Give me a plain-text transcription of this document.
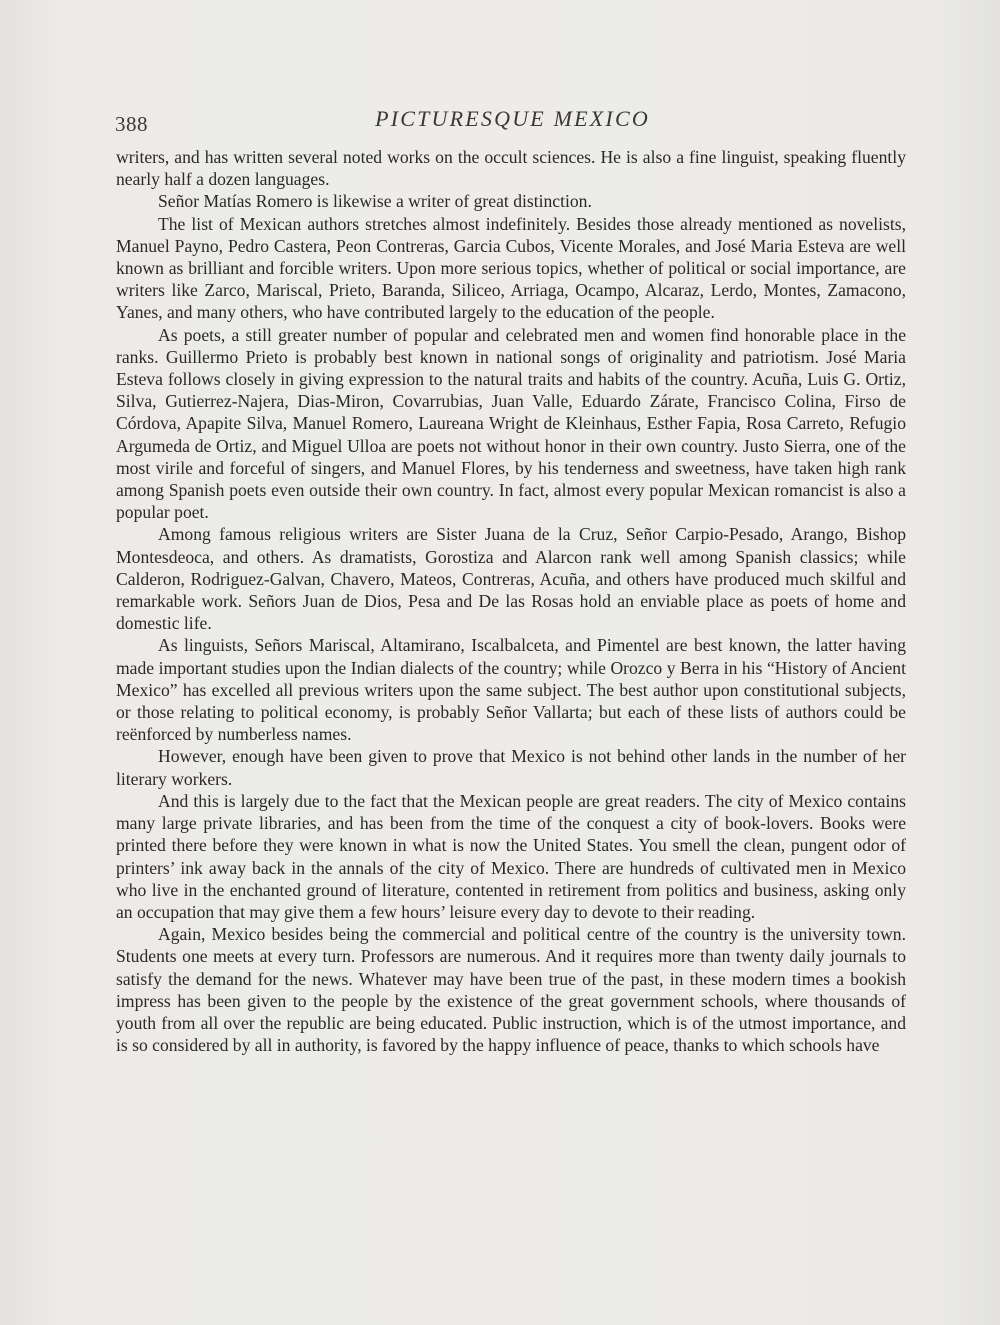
388	PICTURESQUE MEXICO

writers, and has written several noted works on the occult sciences. He is also a fine linguist, speaking fluently nearly half a dozen languages.

Señor Matías Romero is likewise a writer of great distinction.

The list of Mexican authors stretches almost indefinitely. Besides those already mentioned as novelists, Manuel Payno, Pedro Castera, Peon Contreras, Garcia Cubos, Vicente Morales, and José Maria Esteva are well known as brilliant and forcible writers. Upon more serious topics, whether of political or social importance, are writers like Zarco, Mariscal, Prieto, Baranda, Siliceo, Arriaga, Ocampo, Alcaraz, Lerdo, Montes, Zamacono, Yanes, and many others, who have contributed largely to the education of the people.

As poets, a still greater number of popular and celebrated men and women find honorable place in the ranks. Guillermo Prieto is probably best known in national songs of originality and patriotism. José Maria Esteva follows closely in giving expression to the natural traits and habits of the country. Acuña, Luis G. Ortiz, Silva, Gutierrez-Najera, Dias-Miron, Covarrubias, Juan Valle, Eduardo Zárate, Francisco Colina, Firso de Córdova, Apapite Silva, Manuel Romero, Laureana Wright de Kleinhaus, Esther Fapia, Rosa Carreto, Refugio Argumeda de Ortiz, and Miguel Ulloa are poets not without honor in their own country. Justo Sierra, one of the most virile and forceful of singers, and Manuel Flores, by his tenderness and sweetness, have taken high rank among Spanish poets even outside their own country. In fact, almost every popular Mexican romancist is also a popular poet.

Among famous religious writers are Sister Juana de la Cruz, Señor Carpio-Pesado, Arango, Bishop Montesdeoca, and others. As dramatists, Gorostiza and Alarcon rank well among Spanish classics; while Calderon, Rodriguez-Galvan, Chavero, Mateos, Contreras, Acuña, and others have produced much skilful and remarkable work. Señors Juan de Dios, Pesa and De las Rosas hold an enviable place as poets of home and domestic life.

As linguists, Señors Mariscal, Altamirano, Iscalbalceta, and Pimentel are best known, the latter having made important studies upon the Indian dialects of the country; while Orozco y Berra in his “History of Ancient Mexico” has excelled all previous writers upon the same subject. The best author upon constitutional subjects, or those relating to political economy, is probably Señor Vallarta; but each of these lists of authors could be reënforced by numberless names.

However, enough have been given to prove that Mexico is not behind other lands in the number of her literary workers.

And this is largely due to the fact that the Mexican people are great readers. The city of Mexico contains many large private libraries, and has been from the time of the conquest a city of book-lovers. Books were printed there before they were known in what is now the United States. You smell the clean, pungent odor of printers’ ink away back in the annals of the city of Mexico. There are hundreds of cultivated men in Mexico who live in the enchanted ground of literature, contented in retirement from politics and business, asking only an occupation that may give them a few hours’ leisure every day to devote to their reading.

Again, Mexico besides being the commercial and political centre of the country is the university town. Students one meets at every turn. Professors are numerous. And it requires more than twenty daily journals to satisfy the demand for the news. Whatever may have been true of the past, in these modern times a bookish impress has been given to the people by the existence of the great government schools, where thousands of youth from all over the republic are being educated. Public instruction, which is of the utmost importance, and is so considered by all in authority, is favored by the happy influence of peace, thanks to which schools have
